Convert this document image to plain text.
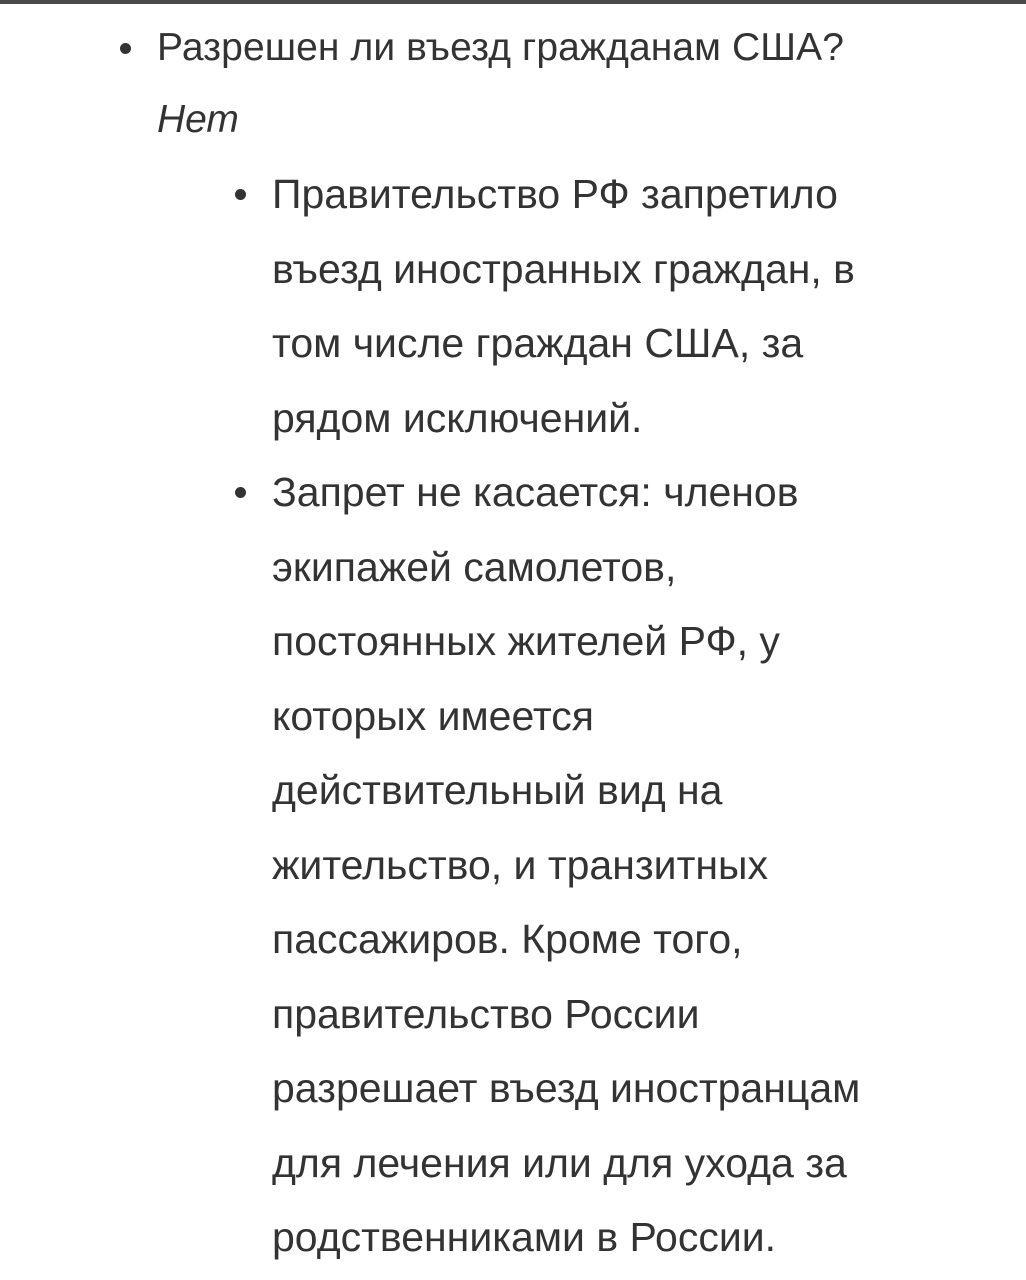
Разрешен ли въезд гражданам США?
Нет
Правительство РФ запретило
въезд иностранных граждан, в
том числе граждан США, за
рядом исключений.
Запрет не касается: членов
экипажей самолетов,
постоянных жителей РФ, у
которых имеется
действительный вид на
жительство, и транзитных
пассажиров. Кроме того,
правительство России
разрешает въезд иностранцам
для лечения или для ухода за
родственниками в России.
